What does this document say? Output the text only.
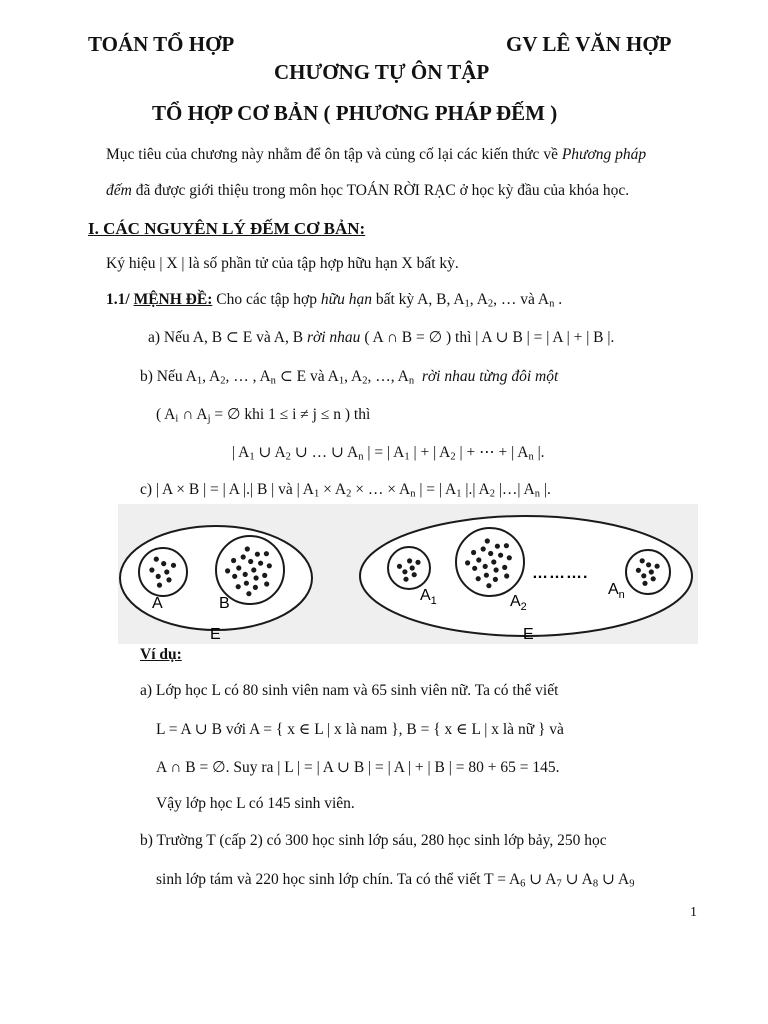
TOÁN TỔ HỢP	GV LÊ VĂN HỢP
CHƯƠNG TỰ ÔN TẬP
TỔ HỢP CƠ BẢN ( PHƯƠNG PHÁP ĐẾM )
Mục tiêu của chương này nhằm để ôn tập và củng cố lại các kiến thức về Phương pháp
đếm đã được giới thiệu trong môn học TOÁN RỜI RẠC ở học kỳ đầu của khóa học.
I. CÁC NGUYÊN LÝ ĐẾM CƠ BẢN:
Ký hiệu | X | là số phần tử của tập hợp hữu hạn X bất kỳ.
1.1/ MỆNH ĐỀ: Cho các tập hợp hữu hạn bất kỳ A, B, $A_1$, $A_2$, … và $A_n$ .
a) Nếu A, B ⊂ E và A, B rời nhau ( A ∩ B = ∅ ) thì | A ∪ B | = | A | + | B |.
b) Nếu $A_1$, $A_2$, … , $A_n$ ⊂ E và $A_1$, $A_2$, …, $A_n$ rời nhau từng đôi một
( $A_i$ ∩ $A_j$ = ∅ khi 1 ≤ i ≠ j ≤ n ) thì
| $A_1$ ∪ $A_2$ ∪ … ∪ $A_n$ | = | $A_1$ | + | $A_2$ | + ⋯ + | $A_n$ |.
c) | A × B | = | A |.| B | và | $A_1 \times A_2$ × … × $A_n$ | = | $A_1$ |.| $A_2$ |…| $A_n$ |.
A	B
E
……….
$A_1$	$A_2$
$A_n$
E
Ví dụ:
a) Lớp học L có 80 sinh viên nam và 65 sinh viên nữ. Ta có thể viết
L = A ∪ B với A = { x ∈ L | x là nam }, B = { x ∈ L | x là nữ } và
A ∩ B = ∅. Suy ra | L | = | A ∪ B | = | A | + | B | = 80 + 65 = 145.
Vậy lớp học L có 145 sinh viên.
b) Trường T (cấp 2) có 300 học sinh lớp sáu, 280 học sinh lớp bảy, 250 học
sinh lớp tám và 220 học sinh lớp chín. Ta có thể viết $T = A_6$ ∪ $A_7$ ∪ $A_8$ ∪ $A_9$
1
